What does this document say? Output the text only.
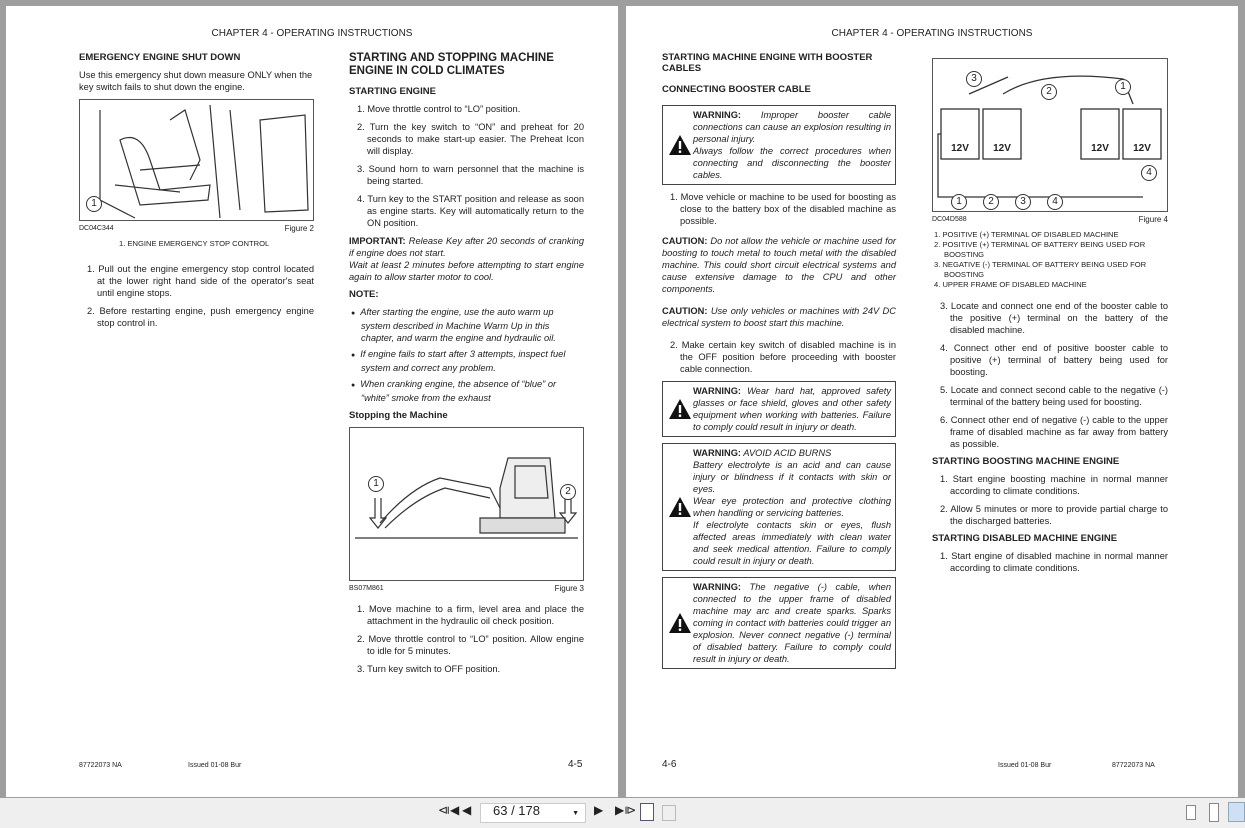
CHAPTER 4 - OPERATING INSTRUCTIONS
EMERGENCY ENGINE SHUT DOWN

Use this emergency shut down measure ONLY when the key switch fails to shut down the engine.

1
DC04C344	Figure 2
1. ENGINE EMERGENCY STOP CONTROL
1. Pull out the engine emergency stop control located at the lower right hand side of the operator's seat until engine stops.
2. Before restarting engine, push emergency engine stop control in.
STARTING AND STOPPING MACHINE ENGINE IN COLD CLIMATES
STARTING ENGINE
1. Move throttle control to “LO” position.
2. Turn the key switch to “ON” and preheat for 20 seconds to make start-up easier. The Preheat Icon will display.
3. Sound horn to warn personnel that the machine is being started.
4. Turn key to the START position and release as soon as engine starts. Key will automatically return to the ON position.

IMPORTANT: Release Key after 20 seconds of cranking if engine does not start.
Wait at least 2 minutes before attempting to start engine again to allow starter motor to cool.

NOTE:
● After starting the engine, use the auto warm up system described in Machine Warm Up in this chapter, and warm the engine and hydraulic oil.
● If engine fails to start after 3 attempts, inspect fuel system and correct any problem.
● When cranking engine, the absence of “blue” or “white” smoke from the exhaust
Stopping the Machine
1
2
BS07M861	Figure 3
1. Move machine to a firm, level area and place the attachment in the hydraulic oil check position.
2. Move throttle control to “LO” position. Allow engine to idle for 5 minutes.
3. Turn key switch to OFF position.
87722073 NA	Issued 01-08 Bur	4-5
CHAPTER 4 - OPERATING INSTRUCTIONS
STARTING MACHINE ENGINE WITH BOOSTER CABLES
CONNECTING BOOSTER CABLE
WARNING: Improper booster cable connections can cause an explosion resulting in personal injury.
Always follow the correct procedures when connecting and disconnecting the booster cables.
1. Move vehicle or machine to be used for boosting as close to the battery box of the disabled machine as possible.

CAUTION: Do not allow the vehicle or machine used for boosting to touch metal to touch metal with the disabled machine. This could short circuit electrical systems and cause extensive damage to the CPU and other components.

CAUTION: Use only vehicles or machines with 24V DC electrical system to boost start this machine.

2. Make certain key switch of disabled machine is in the OFF position before proceeding with booster cable connection.
WARNING: Wear hard hat, approved safety glasses or face shield, gloves and other safety equipment when working with batteries. Failure to comply could result in injury or death.
WARNING: AVOID ACID BURNS
Battery electrolyte is an acid and can cause injury or blindness if it contacts with skin or eyes.
Wear eye protection and protective clothing when handling or servicing batteries.
If electrolyte contacts skin or eyes, flush affected areas immediately with clean water and seek medical attention. Failure to comply could result in injury or death.
WARNING: The negative (-) cable, when connected to the upper frame of disabled machine may arc and create sparks. Sparks coming in contact with batteries could trigger an explosion. Never connect negative (-) terminal of disabled battery. Failure to comply could result in injury or death.
12V 12V	12V 12V
3
2	1
4
1	2	3	4
DC04D588	Figure 4
1. POSITIVE (+) TERMINAL OF DISABLED MACHINE
2. POSITIVE (+) TERMINAL OF BATTERY BEING USED FOR BOOSTING
3. NEGATIVE (-) TERMINAL OF BATTERY BEING USED FOR BOOSTING
4. UPPER FRAME OF DISABLED MACHINE
3. Locate and connect one end of the booster cable to the positive (+) terminal on the battery of the disabled machine.
4. Connect other end of positive booster cable to positive (+) terminal of battery being used for boosting.
5. Locate and connect second cable to the negative (-) terminal of the battery being used for boosting.
6. Connect other end of negative (-) cable to the upper frame of disabled machine as far away from battery as possible.
STARTING BOOSTING MACHINE ENGINE
1. Start engine boosting machine in normal manner according to climate conditions.
2. Allow 5 minutes or more to provide partial charge to the discharged batteries.
STARTING DISABLED MACHINE ENGINE
1. Start engine of disabled machine in normal manner according to climate conditions.
4-6	Issued 01-08 Bur	87722073 NA
⧏◀ ◀	63 / 178	▼ ▶ ▶⧐
